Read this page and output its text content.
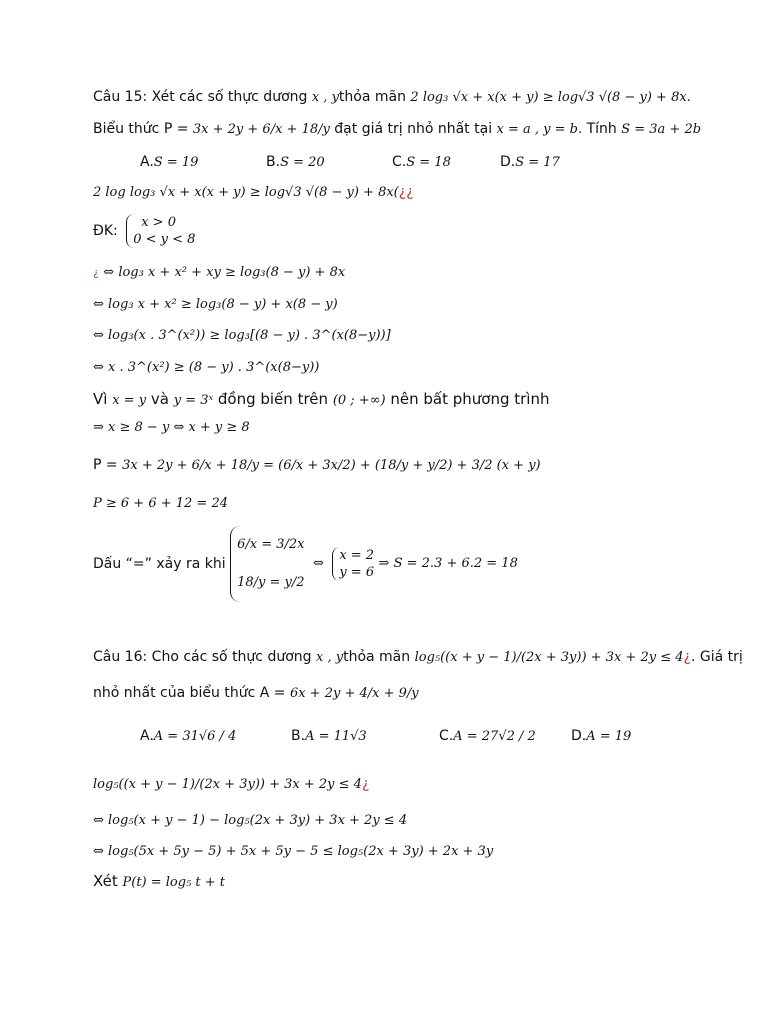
Câu 15: Xét các số thực dương x , ythỏa mãn 2 log₃ √x + x(x + y) ≥ log√3 √(8 − y) + 8x.
Biểu thức P = 3x + 2y + 6/x + 18/y đạt giá trị nhỏ nhất tại x = a , y = b. Tính S = 3a + 2b
A.S = 19	B.S = 20	C.S = 18	D.S = 17
2 log log₃ √x + x(x + y) ≥ log√3 √(8 − y) + 8x(¿¿
ĐK:
x > 0
0 < y < 8
¿ ⇔ log₃ x + x² + xy ≥ log₃(8 − y) + 8x
⇔ log₃ x + x² ≥ log₃(8 − y) + x(8 − y)
⇔ log₃(x . 3^(x²)) ≥ log₃[(8 − y) . 3^(x(8−y))]
⇔ x . 3^(x²) ≥ (8 − y) . 3^(x(8−y))
Vì x = y và y = 3ˣ đồng biến trên (0 ; +∞) nên bất phương trình
⇒ x ≥ 8 − y ⇔ x + y ≥ 8
P = 3x + 2y + 6/x + 18/y = (6/x + 3x/2) + (18/y + y/2) + 3/2 (x + y)
P ≥ 6 + 6 + 12 = 24
Dấu “=” xảy ra khi
6/x = 3/2x
18/y = y/2
⇔
x = 2
y = 6
⇒ S = 2.3 + 6.2 = 18
Câu 16: Cho các số thực dương x , ythỏa mãn log₅((x + y − 1)/(2x + 3y)) + 3x + 2y ≤ 4¿. Giá trị
nhỏ nhất của biểu thức A = 6x + 2y + 4/x + 9/y
A.A = 31√6 / 4	B.A = 11√3	C.A = 27√2 / 2	D.A = 19
log₅((x + y − 1)/(2x + 3y)) + 3x + 2y ≤ 4¿
⇔ log₅(x + y − 1) − log₅(2x + 3y) + 3x + 2y ≤ 4
⇔ log₅(5x + 5y − 5) + 5x + 5y − 5 ≤ log₅(2x + 3y) + 2x + 3y
Xét P(t) = log₅ t + t
